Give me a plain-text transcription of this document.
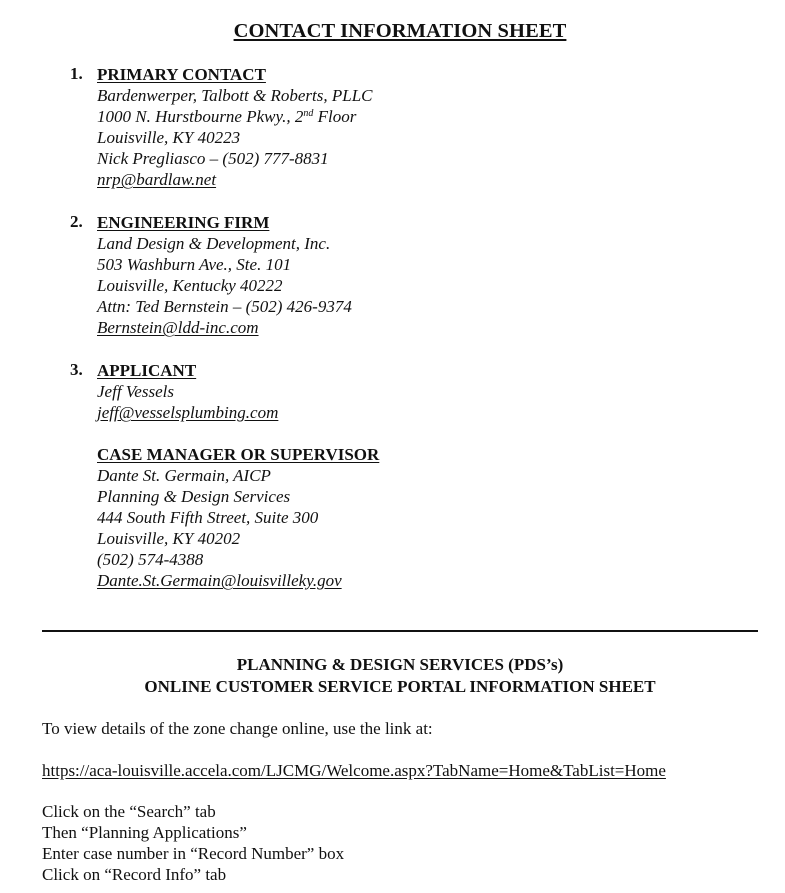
CONTACT INFORMATION SHEET
1. PRIMARY CONTACT
Bardenwerper, Talbott & Roberts, PLLC
1000 N. Hurstbourne Pkwy., 2nd Floor
Louisville, KY 40223
Nick Pregliasco – (502) 777-8831
nrp@bardlaw.net
2. ENGINEERING FIRM
Land Design & Development, Inc.
503 Washburn Ave., Ste. 101
Louisville, Kentucky 40222
Attn: Ted Bernstein – (502) 426-9374
Bernstein@ldd-inc.com
3. APPLICANT
Jeff Vessels
jeff@vesselsplumbing.com
CASE MANAGER OR SUPERVISOR
Dante St. Germain, AICP
Planning & Design Services
444 South Fifth Street, Suite 300
Louisville, KY 40202
(502) 574-4388
Dante.St.Germain@louisvilleky.gov
PLANNING & DESIGN SERVICES (PDS’s)
ONLINE CUSTOMER SERVICE PORTAL INFORMATION SHEET
To view details of the zone change online, use the link at:
https://aca-louisville.accela.com/LJCMG/Welcome.aspx?TabName=Home&TabList=Home
Click on the “Search” tab
Then “Planning Applications”
Enter case number in “Record Number” box
Click on “Record Info” tab
